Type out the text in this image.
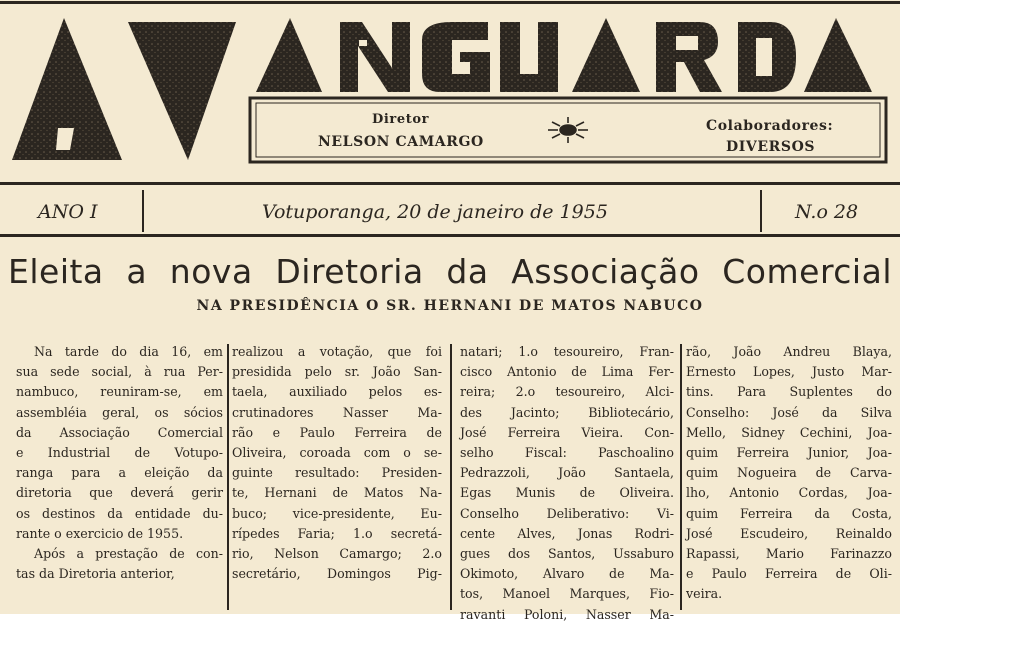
Diretor
NELSON CAMARGO
Colaboradores:
DIVERSOS
ANO I	Votuporanga, 20 de janeiro de 1955	N.o 28
Eleita a nova Diretoria da Associação Comercial
NA PRESIDÊNCIA O SR. HERNANI DE MATOS NABUCO

Na tarde do dia 16, em

sua sede social, à rua Per-

nambuco, reuniram-se, em

assembléia geral, os sócios

da Associação Comercial

e Industrial de Votupo-

ranga para a eleição da

diretoria que deverá gerir

os destinos da entidade du-

rante o exercicio de 1955.

Após a prestação de con-

tas da Diretoria anterior,

realizou a votação, que foi

presidida pelo sr. João San-

taela, auxiliado pelos es-

crutinadores Nasser Ma-

rão e Paulo Ferreira de

Oliveira, coroada com o se-

guinte resultado: Presiden-

te, Hernani de Matos Na-

buco; vice-presidente, Eu-

rípedes Faria; 1.o secretá-

rio, Nelson Camargo; 2.o

secretário, Domingos Pig-

natari; 1.o tesoureiro, Fran-

cisco Antonio de Lima Fer-

reira; 2.o tesoureiro, Alci-

des Jacinto; Bibliotecário,

José Ferreira Vieira. Con-

selho Fiscal: Paschoalino

Pedrazzoli, João Santaela,

Egas Munis de Oliveira.

Conselho Deliberativo: Vi-

cente Alves, Jonas Rodri-

gues dos Santos, Ussaburo

Okimoto, Alvaro de Ma-

tos, Manoel Marques, Fio-

ravanti Poloni, Nasser Ma-

rão, João Andreu Blaya,

Ernesto Lopes, Justo Mar-

tins. Para Suplentes do

Conselho: José da Silva

Mello, Sidney Cechini, Joa-

quim Ferreira Junior, Joa-

quim Nogueira de Carva-

lho, Antonio Cordas, Joa-

quim Ferreira da Costa,

José Escudeiro, Reinaldo

Rapassi, Mario Farinazzo

e Paulo Ferreira de Oli-

veira.
